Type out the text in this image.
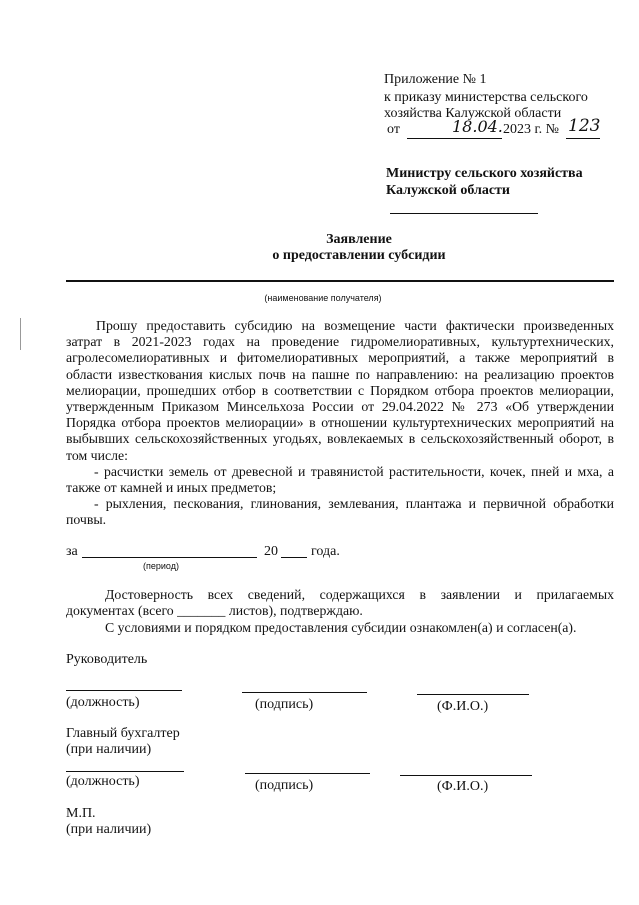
Приложение № 1
к приказу министерства сельского
хозяйства Калужской области
от	18.04. 2023 г. № 123
Министру сельского хозяйства
Калужской области
Заявление
о предоставлении субсидии
(наименование получателя)

Прошу предоставить субсидию на возмещение части фактически произведенных затрат в 2021-2023 годах на проведение гидромелиоративных, культуртехнических, агролесомелиоративных и фитомелиоративных мероприятий, а также мероприятий в области известкования кислых почв на пашне по направлению: на реализацию проектов мелиорации, прошедших отбор в соответствии с Порядком отбора проектов мелиорации, утвержденным Приказом Минсельхоза России от 29.04.2022 № 273 «Об утверждении Порядка отбора проектов мелиорации» в отношении культуртехнических мероприятий на выбывших сельскохозяйственных угодьях, вовлекаемых в сельскохозяйственный оборот, в том числе:

- расчистки земель от древесной и травянистой растительности, кочек, пней и мха, а также от камней и иных предметов;

- рыхления, пескования, глинования, землевания, плантажа и первичной обработки почвы.

за	20 года.
(период)
Достоверность всех сведений, содержащихся в заявлении и прилагаемых
документах (всего _______ листов), подтверждаю.
С условиями и порядком предоставления субсидии ознакомлен(а) и согласен(а).
Руководитель
(должность)	(подпись)	(Ф.И.О.)
Главный бухгалтер
(при наличии)
(должность)	(подпись)	(Ф.И.О.)
М.П.
(при наличии)
